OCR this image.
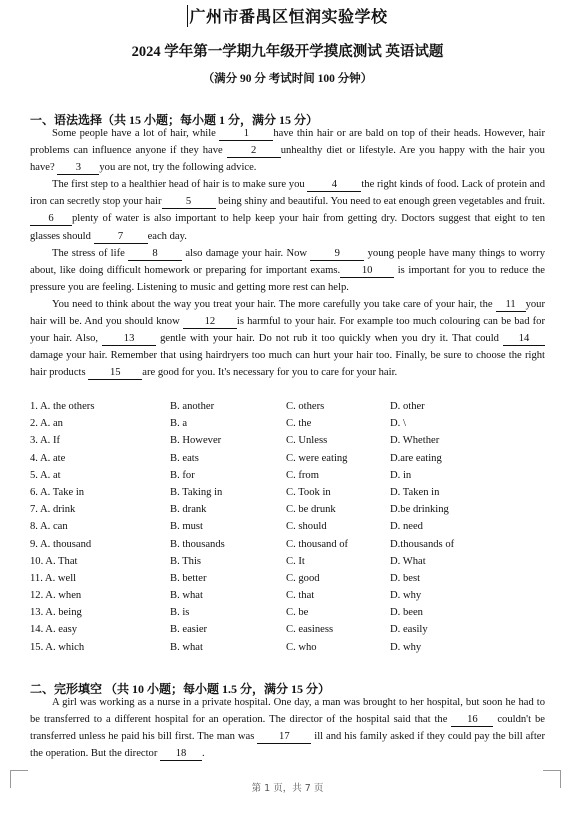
广州市番禺区恒润实验学校
2024 学年第一学期九年级开学摸底测试 英语试题
（满分 90 分 考试时间 100 分钟）
一、语法选择（共 15 小题；每小题 1 分，满分 15 分）

Some people have a lot of hair, while 1 have thin hair or are bald on top of their heads. However, hair problems can influence anyone if they have 2 unhealthy diet or lifestyle. Are you happy with the hair you have? 3 you are not, try the following advice.

The first step to a healthier head of hair is to make sure you 4 the right kinds of food. Lack of protein and iron can secretly stop your hair 5 being shiny and beautiful. You need to eat enough green vegetables and fruit. 6 plenty of water is also important to help keep your hair from getting dry. Doctors suggest that eight to ten glasses should 7 each day.

The stress of life 8 also damage your hair. Now 9 young people have many things to worry about, like doing difficult homework or preparing for important exams. 10 is important for you to reduce the pressure you are feeling. Listening to music and getting more rest can help.

You need to think about the way you treat your hair. The more carefully you take care of your hair, the 11 your hair will be. And you should know 12 is harmful to your hair. For example too much colouring can be bad for your hair. Also, 13 gentle with your hair. Do not rub it too quickly when you dry it. That could 14damage your hair. Remember that using hairdryers too much can hurt your hair too. Finally, be sure to choose the right hair products 15 are good for you. It's necessary for you to care for your hair.

1. A. the others	B. another	C. others	D. other
2. A. an	B. a	C. the	D. \
3. A. If	B. However	C. Unless	D. Whether
4. A. ate	B. eats	C. were eating	D.are eating
5. A. at	B. for	C. from	D. in
6. A. Take in	B. Taking in	C. Took in	D. Taken in
7. A. drink	B. drank	C. be drunk	D.be drinking
8. A. can	B. must	C. should	D. need
9. A. thousand	B. thousands	C. thousand of	D.thousands of
10. A. That	B. This	C. It	D. What
11. A. well	B. better	C. good	D. best
12. A. when	B. what	C. that	D. why
13. A. being	B. is	C. be	D. been
14. A. easy	B. easier	C. easiness	D. easily
15. A. which	B. what	C. who	D. why
二、完形填空 （共 10 小题；每小题 1.5 分，满分 15 分）

A girl was working as a nurse in a private hospital. One day, a man was brought to her hospital, but soon he had to be transferred to a different hospital for an operation. The director of the hospital said that the 16 couldn't be transferred unless he paid his bill first. The man was 17 ill and his family asked if they could pay the bill after the operation. But the director 18 .

第 1 页，共 7 页
